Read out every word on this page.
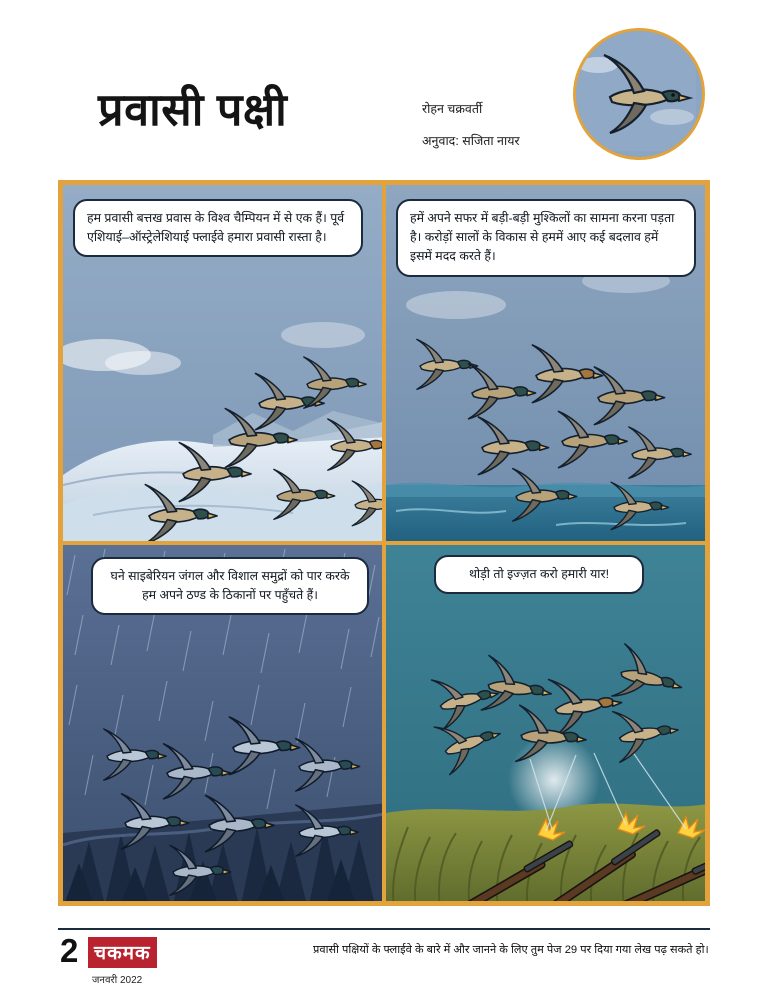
प्रवासी पक्षी	रोहन चक्रवर्ती
अनुवाद: सजिता नायर
हम प्रवासी बत्तख प्रवास के विश्व चैम्पियन में से एक हैं। पूर्व एशियाई–ऑस्ट्रेलेशियाई फ्लाईवे हमारा प्रवासी रास्ता है।
हमें अपने सफर में बड़ी-बड़ी मुश्किलों का सामना करना पड़ता है। करोड़ों सालों के विकास से हममें आए कई बदलाव हमें इसमें मदद करते हैं।
घने साइबेरियन जंगल और विशाल समुद्रों को पार करके हम अपने ठण्ड के ठिकानों पर पहुँचते हैं।
थोड़ी तो इज्ज़त करो हमारी यार!
2 चकमक
जनवरी 2022
प्रवासी पक्षियों के फ्लाईवे के बारे में और जानने के लिए तुम पेज 29 पर दिया गया लेख पढ़ सकते हो।
